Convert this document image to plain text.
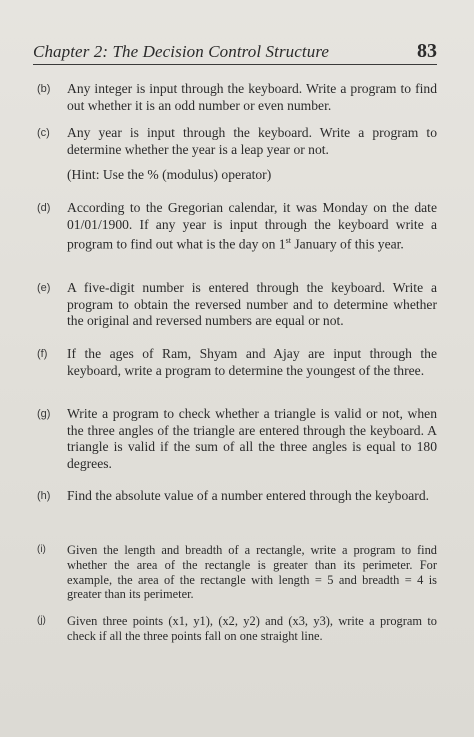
Chapter 2: The Decision Control Structure	83
(b)	Any integer is input through the keyboard. Write a program to find out whether it is an odd number or even number.
(c)	Any year is input through the keyboard. Write a program to determine whether the year is a leap year or not.
(Hint: Use the % (modulus) operator)
(d)	According to the Gregorian calendar, it was Monday on the date 01/01/1900. If any year is input through the keyboard write a program to find out what is the day on 1st January of this year.
(e)	A five-digit number is entered through the keyboard. Write a program to obtain the reversed number and to determine whether the original and reversed numbers are equal or not.
(f)	If the ages of Ram, Shyam and Ajay are input through the keyboard, write a program to determine the youngest of the three.
(g)	Write a program to check whether a triangle is valid or not, when the three angles of the triangle are entered through the keyboard. A triangle is valid if the sum of all the three angles is equal to 180 degrees.
(h)	Find the absolute value of a number entered through the keyboard.
(i)	Given the length and breadth of a rectangle, write a program to find whether the area of the rectangle is greater than its perimeter. For example, the area of the rectangle with length = 5 and breadth = 4 is greater than its perimeter.
(j)	Given three points (x1, y1), (x2, y2) and (x3, y3), write a program to check if all the three points fall on one straight line.
